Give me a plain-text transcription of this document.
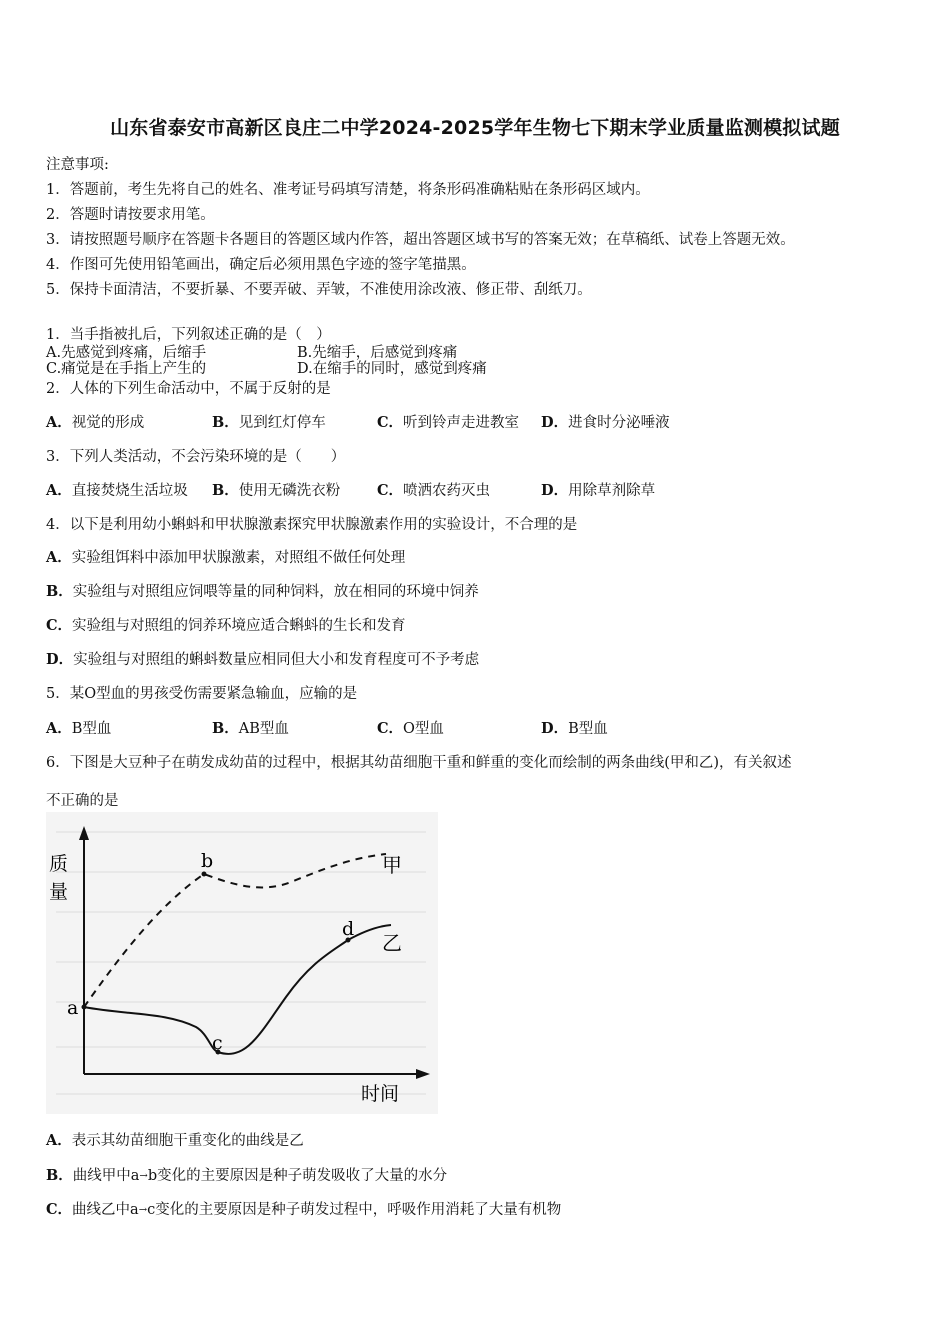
山东省泰安市高新区良庄二中学2024-2025学年生物七下期末学业质量监测模拟试题
注意事项:
1．答题前，考生先将自己的姓名、准考证号码填写清楚，将条形码准确粘贴在条形码区域内。
2．答题时请按要求用笔。
3．请按照题号顺序在答题卡各题目的答题区域内作答，超出答题区域书写的答案无效；在草稿纸、试卷上答题无效。
4．作图可先使用铅笔画出，确定后必须用黑色字迹的签字笔描黑。
5．保持卡面清洁，不要折暴、不要弄破、弄皱，不准使用涂改液、修正带、刮纸刀。
1．当手指被扎后，下列叙述正确的是（　）
A.先感觉到疼痛，后缩手	B.先缩手，后感觉到疼痛
C.痛觉是在手指上产生的	D.在缩手的同时，感觉到疼痛
2．人体的下列生命活动中，不属于反射的是
A．视觉的形成	B．见到红灯停车	C．听到铃声走进教室 D．进食时分泌唾液
3．下列人类活动，不会污染环境的是（　　）
A．直接焚烧生活垃圾 B．使用无磷洗衣粉	C．喷洒农药灭虫	D．用除草剂除草
4．以下是利用幼小蝌蚪和甲状腺激素探究甲状腺激素作用的实验设计，不合理的是
A．实验组饵料中添加甲状腺激素，对照组不做任何处理
B．实验组与对照组应饲喂等量的同种饲料，放在相同的环境中饲养
C．实验组与对照组的饲养环境应适合蝌蚪的生长和发育
D．实验组与对照组的蝌蚪数量应相同但大小和发育程度可不予考虑
5．某O型血的男孩受伤需要紧急输血，应输的是
A．B型血	B．AB型血	C．O型血	D．B型血
6．下图是大豆种子在萌发成幼苗的过程中，根据其幼苗细胞干重和鲜重的变化而绘制的两条曲线(甲和乙)，有关叙述
不正确的是
质量
a
b
c
d
甲
乙
时间
A．表示其幼苗细胞干重变化的曲线是乙
B．曲线甲中a→b变化的主要原因是种子萌发吸收了大量的水分
C．曲线乙中a→c变化的主要原因是种子萌发过程中，呼吸作用消耗了大量有机物
